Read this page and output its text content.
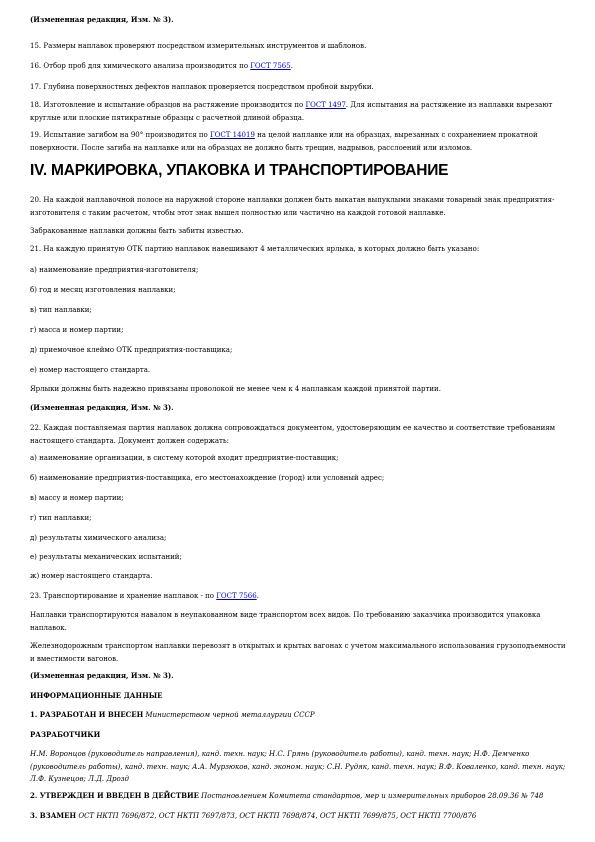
(Измененная редакция, Изм. № 3).

15. Размеры наплавок проверяют посредством измерительных инструментов и шаблонов.

16. Отбор проб для химического анализа производится по ГОСТ 7565.

17. Глубина поверхностных дефектов наплавок проверяется посредством пробной вырубки.

18. Изготовление и испытание образцов на растяжение производится по ГОСТ 1497. Для испытания на растяжение из наплавки вырезают круглые или плоские пятикратные образцы с расчетной длиной образца.

19. Испытание загибом на 90° производится по ГОСТ 14019 на целой наплавке или на образцах, вырезанных с сохранением прокатной поверхности. После загиба на наплавке или на образцах не должно быть трещин, надрывов, расслоений или изломов.

IV. МАРКИРОВКА, УПАКОВКА И ТРАНСПОРТИРОВАНИЕ

20. На каждой наплавочной полосе на наружной стороне наплавки должен быть выкатан выпуклыми знаками товарный знак предприятия-изготовителя с таким расчетом, чтобы этот знак вышел полностью или частично на каждой готовой наплавке.

Забракованные наплавки должны быть забиты известью.

21. На каждую принятую ОТК партию наплавок навешивают 4 металлических ярлыка, в которых должно быть указано:

а) наименование предприятия-изготовителя;

б) год и месяц изготовления наплавки;

в) тип наплавки;

г) масса и номер партии;

д) приемочное клеймо ОТК предприятия-поставщика;

е) номер настоящего стандарта.

Ярлыки должны быть надежно привязаны проволокой не менее чем к 4 наплавкам каждой принятой партии.

(Измененная редакция, Изм. № 3).

22. Каждая поставляемая партия наплавок должна сопровождаться документом, удостоверяющим ее качество и соответствие требованиям настоящего стандарта. Документ должен содержать:

а) наименование организации, в систему которой входит предприятие-поставщик;

б) наименование предприятия-поставщика, его местонахождение (город) или условный адрес;

в) массу и номер партии;

г) тип наплавки;

д) результаты химического анализа;

е) результаты механических испытаний;

ж) номер настоящего стандарта.

23. Транспортирование и хранение наплавок - по ГОСТ 7566.

Наплавки транспортируются навалом в неупакованном виде транспортом всех видов. По требованию заказчика производится упаковка наплавок.

Железнодорожным транспортом наплавки перевозят в открытых и крытых вагонах с учетом максимального использования грузоподъемности и вместимости вагонов.

(Измененная редакция, Изм. № 3).

ИНФОРМАЦИОННЫЕ ДАННЫЕ

1. РАЗРАБОТАН И ВНЕСЕН Министерством черной металлургии СССР

РАЗРАБОТЧИКИ

Н.М. Воронцов (руководитель направления), канд. техн. наук; Н.С. Грянь (руководитель работы), канд. техн. наук; Н.Ф. Демченко (руководитель работы), канд. техн. наук; А.А. Мурзюков, канд. эконом. наук; С.Н. Рудяк, канд. техн. наук; В.Ф. Коваленко, канд. техн. наук; Л.Ф. Кузнецов; Л.Д. Дрозд

2. УТВЕРЖДЕН И ВВЕДЕН В ДЕЙСТВИЕ Постановлением Комитета стандартов, мер и измерительных приборов 28.09.36 № 748

3. ВЗАМЕН ОСТ НКТП 7696/872, ОСТ НКТП 7697/873, ОСТ НКТП 7698/874, ОСТ НКТП 7699/875, ОСТ НКТП 7700/876
